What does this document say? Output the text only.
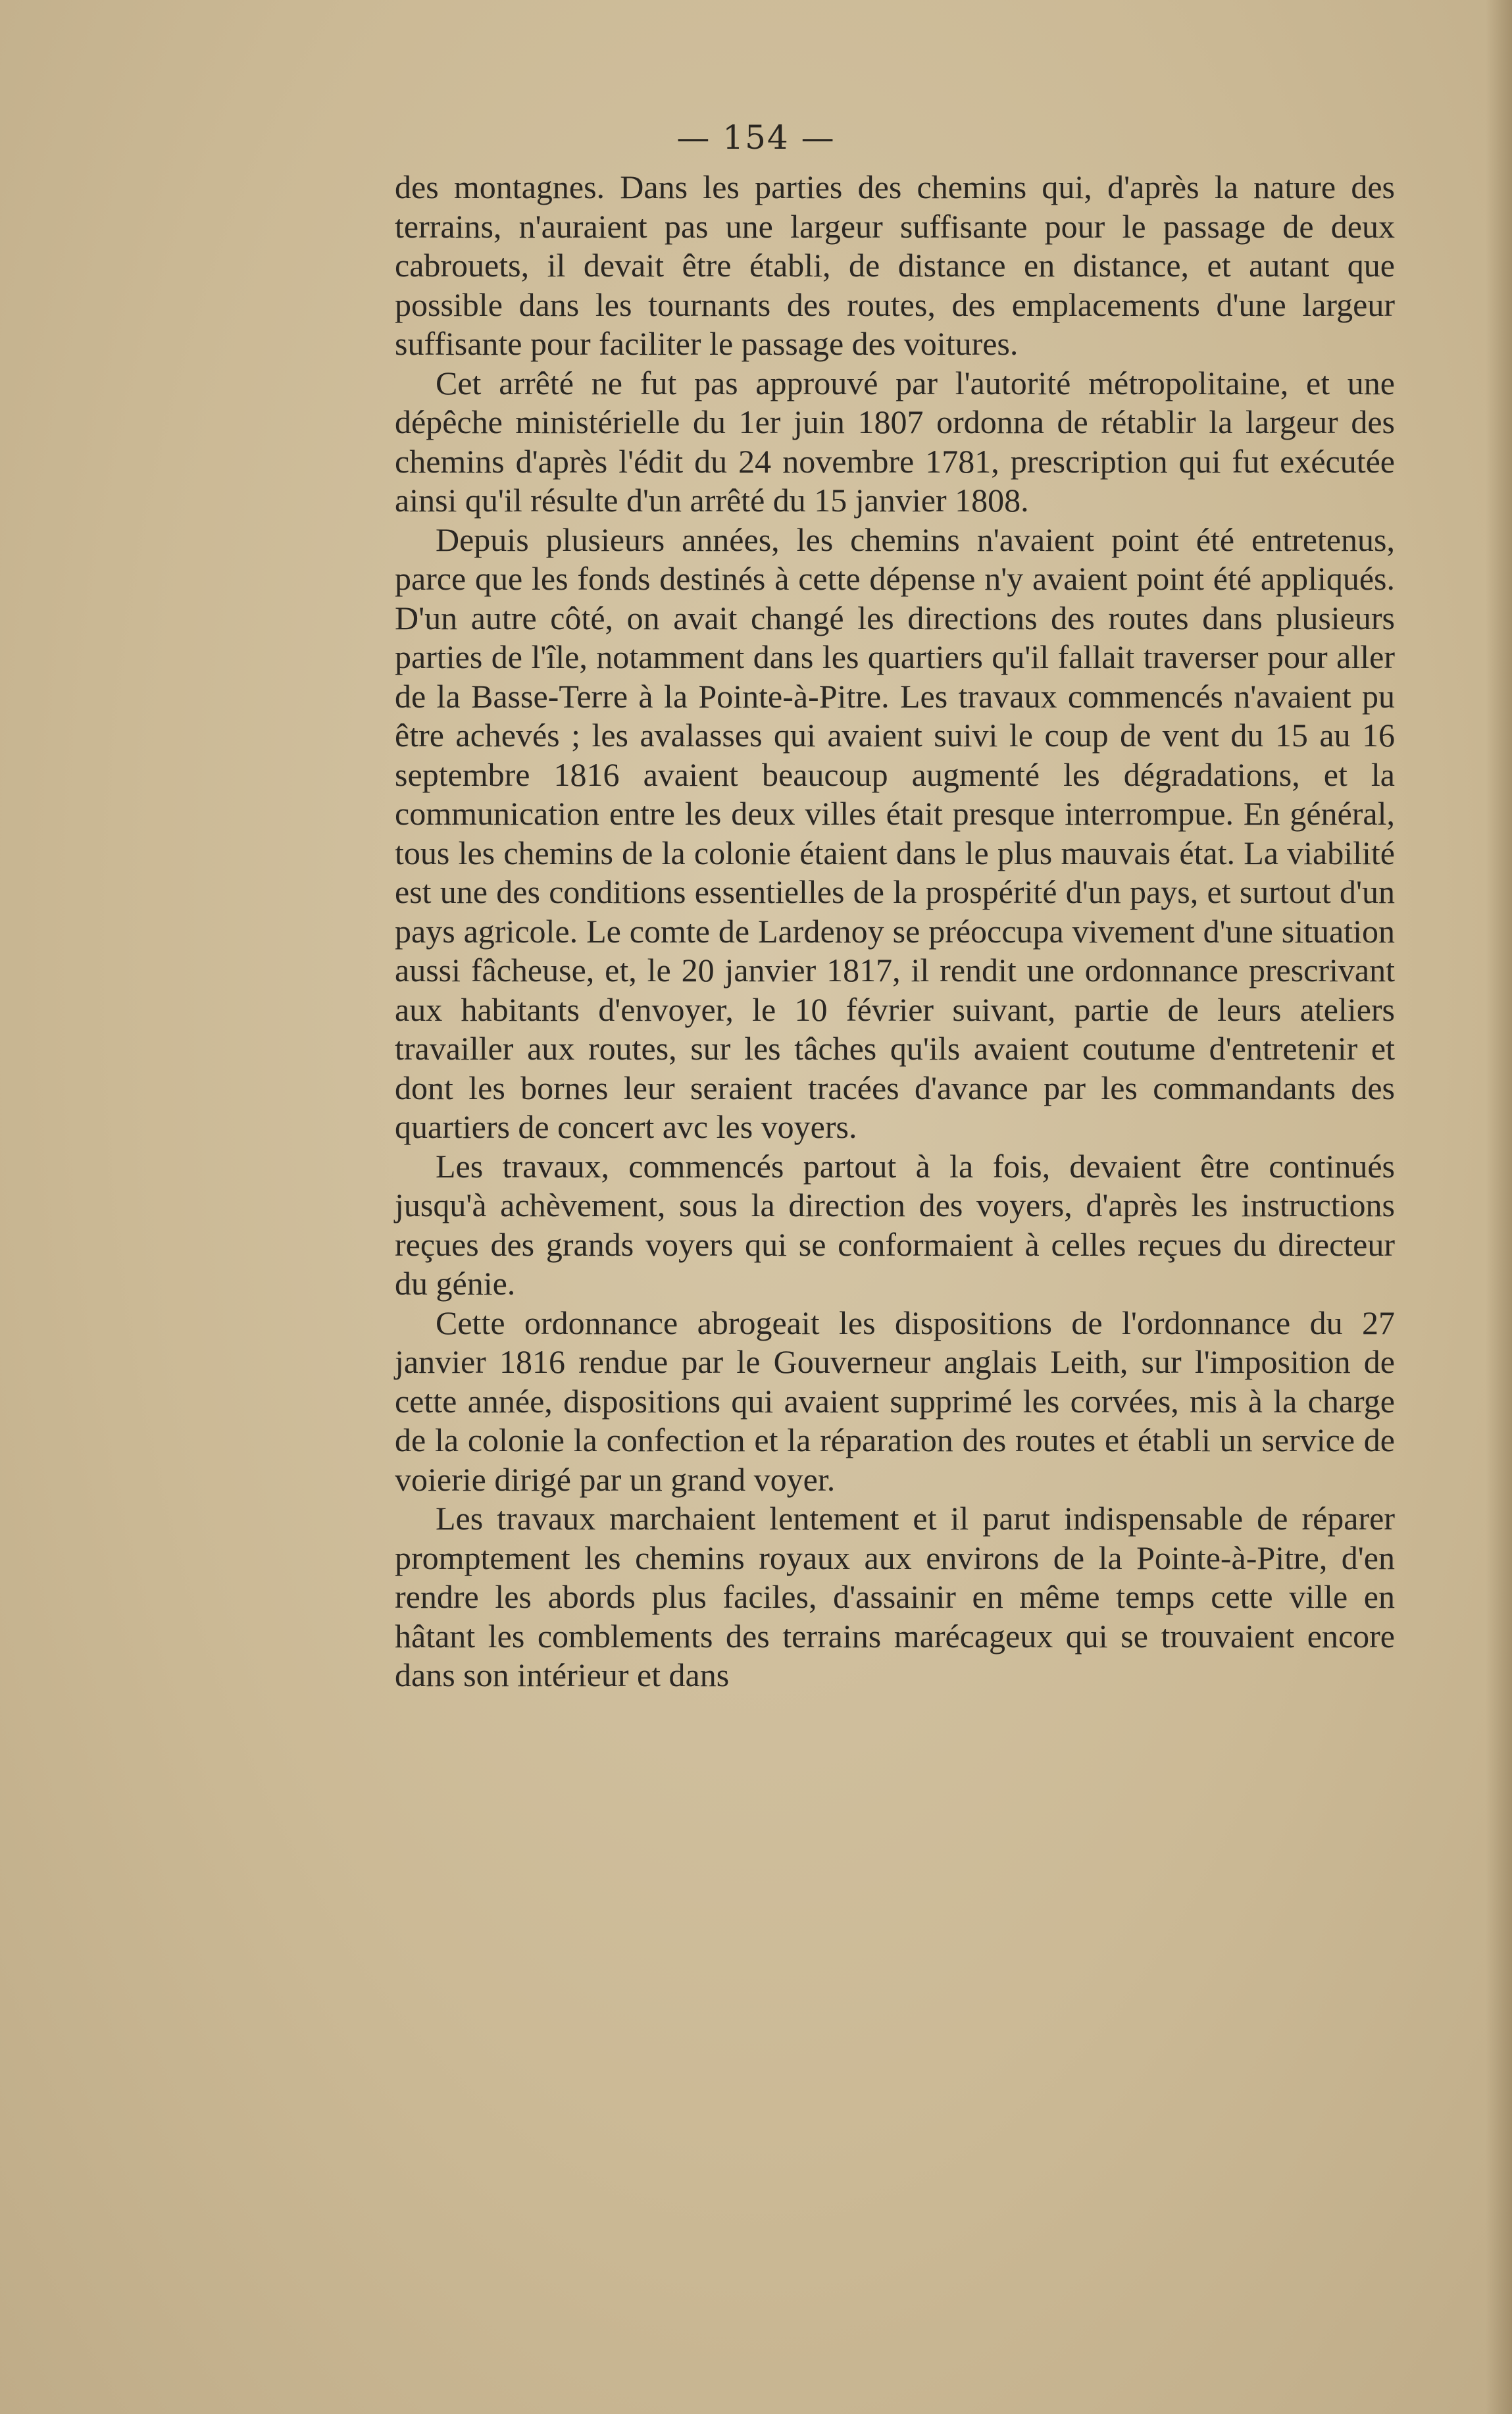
— 154 —

des montagnes. Dans les parties des chemins qui, d'après la nature des terrains, n'auraient pas une largeur suffisante pour le passage de deux cabrouets, il devait être établi, de distance en distance, et autant que possible dans les tournants des routes, des emplacements d'une largeur suffisante pour faciliter le passage des voitures.

Cet arrêté ne fut pas approuvé par l'autorité métropolitaine, et une dépêche ministérielle du 1er juin 1807 ordonna de rétablir la largeur des chemins d'après l'édit du 24 novembre 1781, prescription qui fut exécutée ainsi qu'il résulte d'un arrêté du 15 janvier 1808.

Depuis plusieurs années, les chemins n'avaient point été entretenus, parce que les fonds destinés à cette dépense n'y avaient point été appliqués. D'un autre côté, on avait changé les directions des routes dans plusieurs parties de l'île, notamment dans les quartiers qu'il fallait traverser pour aller de la Basse-Terre à la Pointe-à-Pitre. Les travaux commencés n'avaient pu être achevés ; les avalasses qui avaient suivi le coup de vent du 15 au 16 septembre 1816 avaient beaucoup augmenté les dégradations, et la communication entre les deux villes était presque interrompue. En général, tous les chemins de la colonie étaient dans le plus mauvais état. La viabilité est une des conditions essentielles de la prospérité d'un pays, et surtout d'un pays agricole. Le comte de Lardenoy se préoccupa vivement d'une situation aussi fâcheuse, et, le 20 janvier 1817, il rendit une ordonnance prescrivant aux habitants d'envoyer, le 10 février suivant, partie de leurs ateliers travailler aux routes, sur les tâches qu'ils avaient coutume d'entretenir et dont les bornes leur seraient tracées d'avance par les commandants des quartiers de concert avc les voyers.

Les travaux, commencés partout à la fois, devaient être continués jusqu'à achèvement, sous la direction des voyers, d'après les instructions reçues des grands voyers qui se conformaient à celles reçues du directeur du génie.

Cette ordonnance abrogeait les dispositions de l'ordonnance du 27 janvier 1816 rendue par le Gouverneur anglais Leith, sur l'imposition de cette année, dispositions qui avaient supprimé les corvées, mis à la charge de la colonie la confection et la réparation des routes et établi un service de voierie dirigé par un grand voyer.

Les travaux marchaient lentement et il parut indispensable de réparer promptement les chemins royaux aux environs de la Pointe-à-Pitre, d'en rendre les abords plus faciles, d'assainir en même temps cette ville en hâtant les comblements des terrains marécageux qui se trouvaient encore dans son intérieur et dans
